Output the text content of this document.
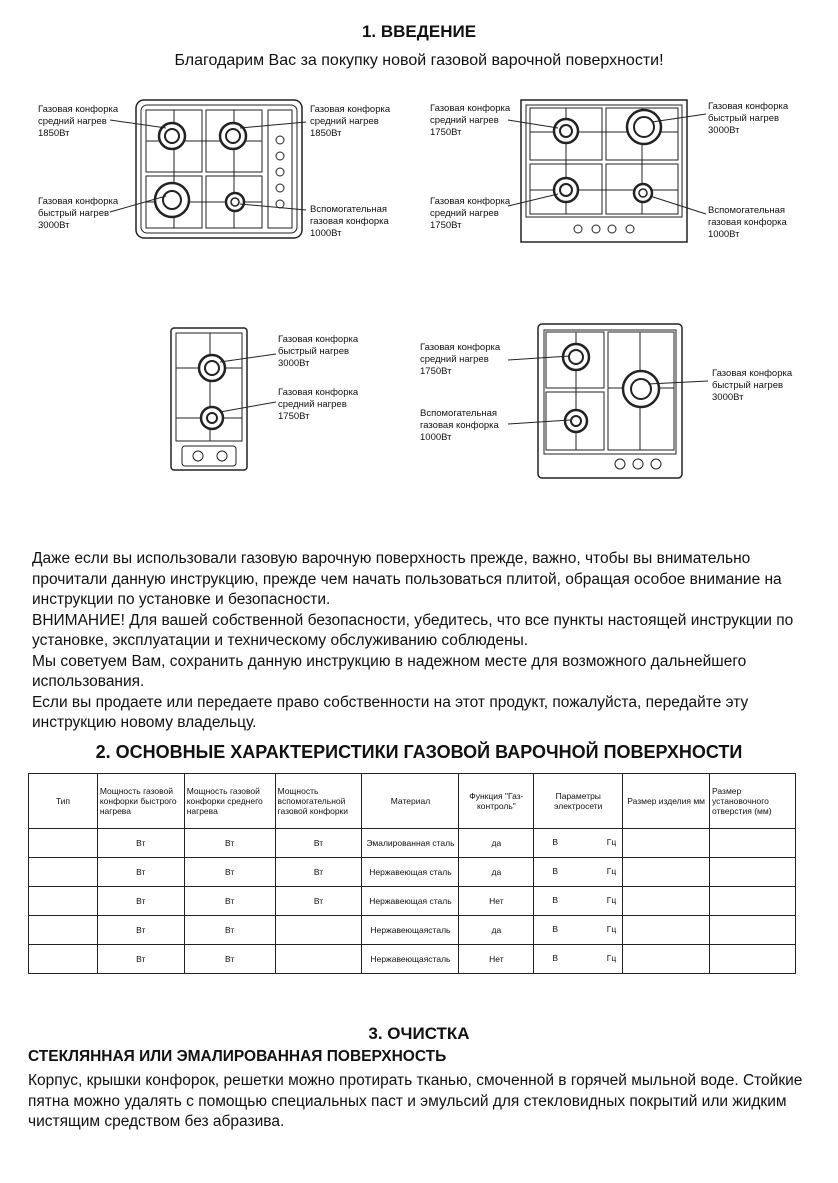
1. ВВЕДЕНИЕ
Благодарим Вас за покупку новой газовой варочной поверхности!
Газовая конфорка
средний нагрев
1850Вт
Газовая конфорка
быстрый нагрев
3000Вт
Газовая конфорка
средний нагрев
1850Вт
Вспомогательная
газовая конфорка
1000Вт
Газовая конфорка
средний нагрев
1750Вт
Газовая конфорка
средний нагрев
1750Вт
Газовая конфорка
быстрый нагрев
3000Вт
Вспомогательная
газовая конфорка
1000Вт
Газовая конфорка
быстрый нагрев
3000Вт
Газовая конфорка
средний нагрев
1750Вт
Газовая конфорка
средний нагрев
1750Вт
Вспомогательная
газовая конфорка
1000Вт
Газовая конфорка
быстрый нагрев
3000Вт

Даже если вы использовали газовую варочную поверхность прежде, важно, чтобы вы внимательно прочитали данную инструкцию, прежде чем начать пользоваться плитой, обращая особое внимание на инструкции по установке и безопасности.

ВНИМАНИЕ! Для вашей собственной безопасности, убедитесь, что все пункты настоящей инструкции по установке, эксплуатации и техническому обслуживанию соблюдены.

Мы советуем Вам, сохранить данную инструкцию в надежном месте для возможного дальнейшего использования.

Если вы продаете или передаете право собственности на этот продукт, пожалуйста, передайте эту инструкцию новому владельцу.

2. ОСНОВНЫЕ ХАРАКТЕРИСТИКИ ГАЗОВОЙ ВАРОЧНОЙ ПОВЕРХНОСТИ
Тип	Мощность газовой конфорки быстрого нагрева	Мощность газовой конфорки среднего нагрева	Мощность вспомогательной газовой конфорки	Материал	Функция "Газ-контроль"	Параметры электросети	Размер изделия мм	Размер установочного отверстия (мм)
	Вт	Вт	Вт	Эмалированная сталь	да	В Гц		

	Вт	Вт	Вт	Нержавеющая сталь	да	В Гц		

	Вт	Вт	Вт	Нержавеющая сталь	Нет	В Гц		

	Вт	Вт		Нержавеющаясталь	да	В Гц		

	Вт	Вт		Нержавеющаясталь	Нет	В Гц		

3. ОЧИСТКА
СТЕКЛЯННАЯ ИЛИ ЭМАЛИРОВАННАЯ ПОВЕРХНОСТЬ
Корпус, крышки конфорок, решетки можно протирать тканью, смоченной в горячей мыльной воде. Стойкие пятна можно удалять с помощью специальных паст и эмульсий для стекловидных покрытий или жидким чистящим средством без абразива.
